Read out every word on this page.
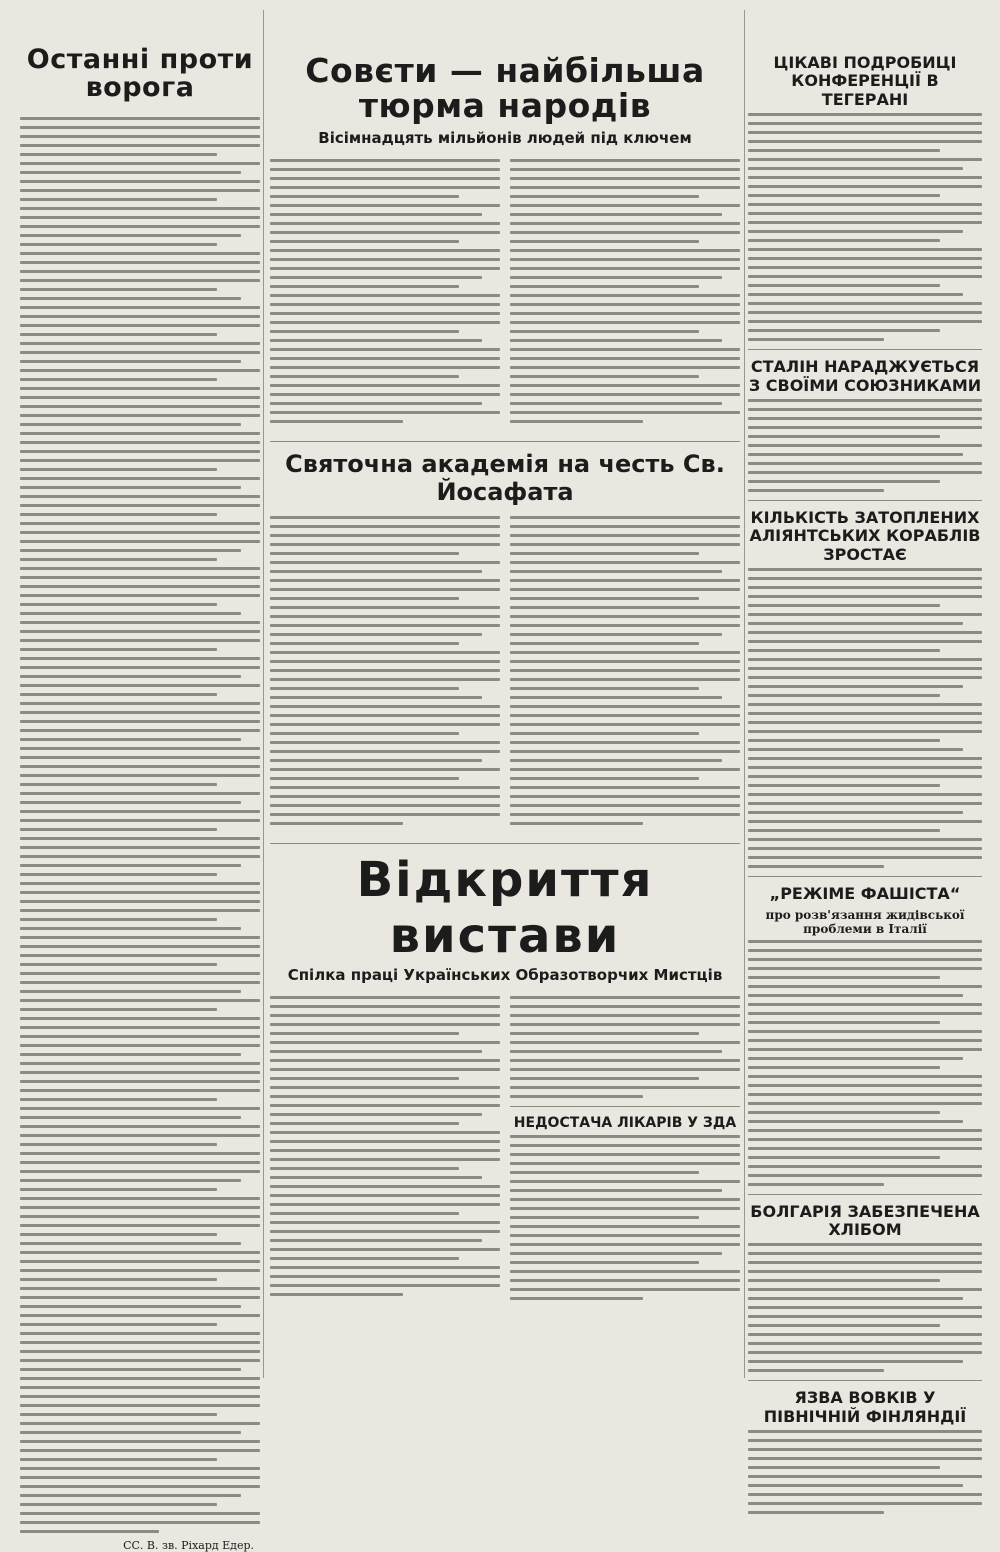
Останні проти ворога
СС. В. зв. Ріхард Едер.
Совєти — найбільша тюрма народів
Вісімнадцять мільйонів людей під ключем
Святочна академія на честь Св. Йосафата
Відкриття вистави
Спілка праці Українських Образотворчих Мистців
НЕДОСТАЧА ЛІКАРІВ У ЗДА
ЦІКАВІ ПОДРОБИЦІ КОНФЕРЕНЦІЇ В ТЕГЕРАНІ
СТАЛІН НАРАДЖУЄТЬСЯ З СВОЇМИ СОЮЗНИКАМИ
КІЛЬКІСТЬ ЗАТОПЛЕНИХ АЛІЯНТСЬКИХ КОРАБЛІВ ЗРОСТАЄ
„РЕЖІМЕ ФАШІСТА“
про розв'язання жидівської проблеми в Італії
БОЛГАРІЯ ЗАБЕЗПЕЧЕНА ХЛІБОМ
ЯЗВА ВОВКІВ У ПІВНІЧНІЙ ФІНЛЯНДІЇ
